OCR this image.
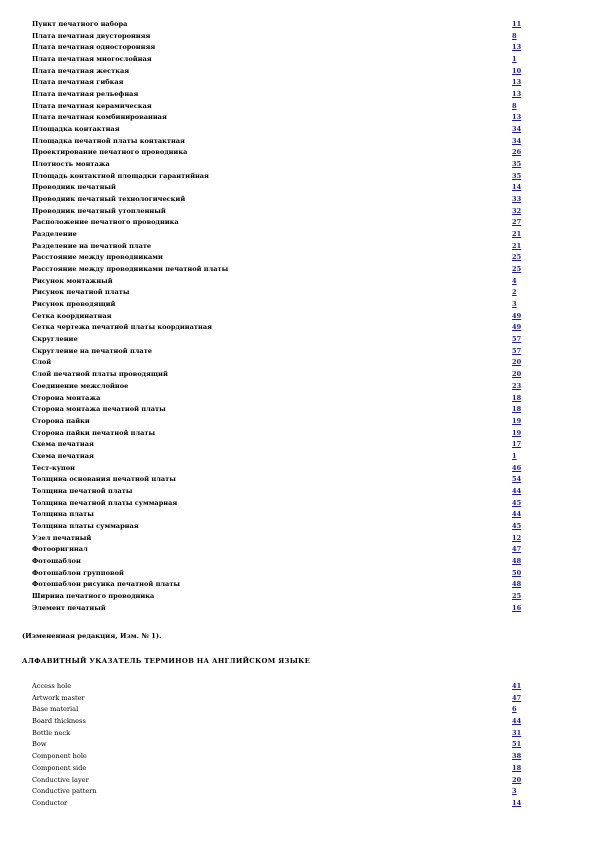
Пункт печатного набора	11
Плата печатная двусторонняя	8
Плата печатная односторонняя	13
Плата печатная многослойная	1
Плата печатная жесткая	10
Плата печатная гибкая	13
Плата печатная рельефная	13
Плата печатная керамическая	8
Плата печатная комбинированная	13
Площадка контактная	34
Площадка печатной платы контактная	34
Проектирование печатного проводника	26
Плотность монтажа	35
Площадь контактной площадки гарантийная	35
Проводник печатный	14
Проводник печатный технологический	33
Проводник печатный утопленный	32
Расположение печатного проводника	27
Разделение	21
Разделение на печатной плате	21
Расстояние между проводниками	25
Расстояние между проводниками печатной платы	25
Рисунок монтажный	4
Рисунок печатной платы	2
Рисунок проводящий	3
Сетка координатная	49
Сетка чертежа печатной платы координатная	49
Скругление	57
Скругление на печатной плате	57
Слой	20
Слой печатной платы проводящий	20
Соединение межслойное	23
Сторона монтажа	18
Сторона монтажа печатной платы	18
Сторона пайки	19
Сторона пайки печатной платы	19
Схема печатная	17
Схема печатная	1
Тест-купон	46
Толщина основания печатной платы	54
Толщина печатной платы	44
Толщина печатной платы суммарная	45
Толщина платы	44
Толщина платы суммарная	45
Узел печатный	12
Фотооригинал	47
Фотошаблон	48
Фотошаблон групповой	50
Фотошаблон рисунка печатной платы	48
Ширина печатного проводника	25
Элемент печатный	16
(Измененная редакция, Изм. № 1).
АЛФАВИТНЫЙ УКАЗАТЕЛЬ ТЕРМИНОВ НА АНГЛИЙСКОМ ЯЗЫКЕ
Access hole	41
Artwork master	47
Base material	6
Board thickness	44
Bottle neck	31
Bow	51
Component hole	38
Component side	18
Conductive layer	20
Conductive pattern	3
Conductor	14
